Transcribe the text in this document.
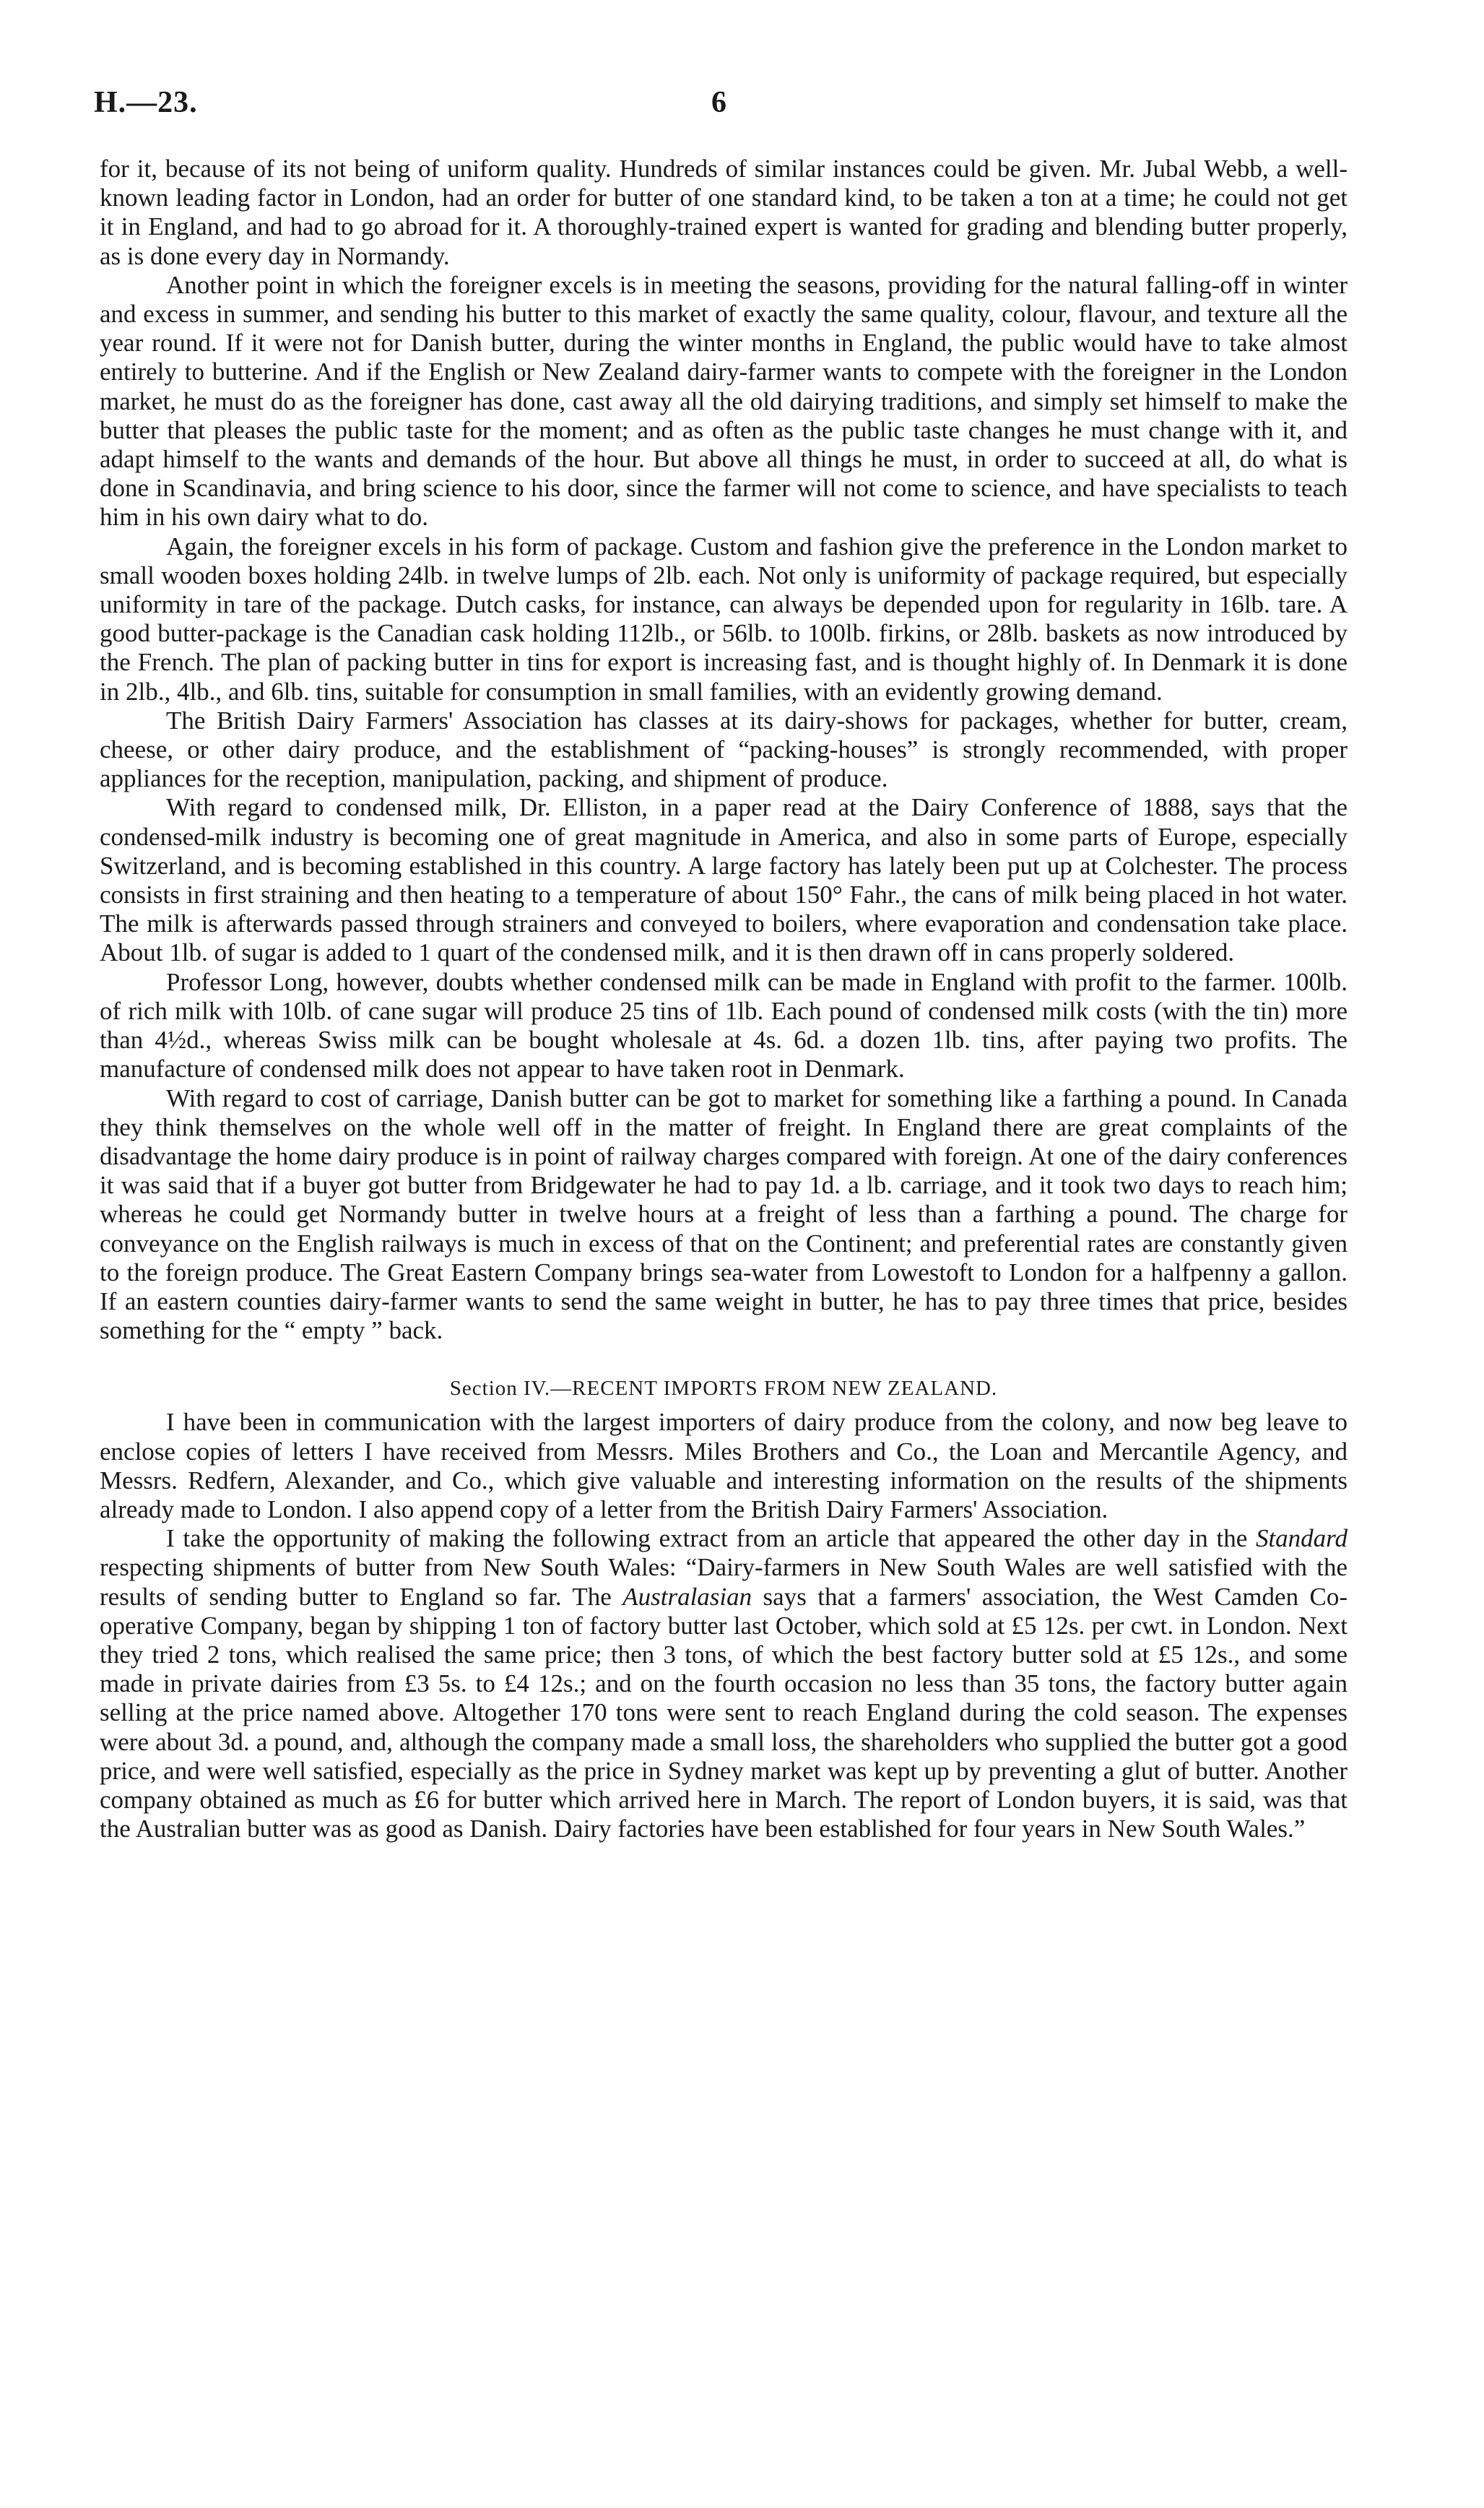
H.—23.	6

for it, because of its not being of uniform quality. Hundreds of similar instances could be given. Mr. Jubal Webb, a well-known leading factor in London, had an order for butter of one standard kind, to be taken a ton at a time; he could not get it in England, and had to go abroad for it. A thoroughly-trained expert is wanted for grading and blending butter properly, as is done every day in Normandy.

Another point in which the foreigner excels is in meeting the seasons, providing for the natural falling-off in winter and excess in summer, and sending his butter to this market of exactly the same quality, colour, flavour, and texture all the year round. If it were not for Danish butter, during the winter months in England, the public would have to take almost entirely to butterine. And if the English or New Zealand dairy-farmer wants to compete with the foreigner in the London market, he must do as the foreigner has done, cast away all the old dairying traditions, and simply set himself to make the butter that pleases the public taste for the moment; and as often as the public taste changes he must change with it, and adapt himself to the wants and demands of the hour. But above all things he must, in order to succeed at all, do what is done in Scandinavia, and bring science to his door, since the farmer will not come to science, and have specialists to teach him in his own dairy what to do.

Again, the foreigner excels in his form of package. Custom and fashion give the preference in the London market to small wooden boxes holding 24lb. in twelve lumps of 2lb. each. Not only is uniformity of package required, but especially uniformity in tare of the package. Dutch casks, for instance, can always be depended upon for regularity in 16lb. tare. A good butter-package is the Canadian cask holding 112lb., or 56lb. to 100lb. firkins, or 28lb. baskets as now introduced by the French. The plan of packing butter in tins for export is increasing fast, and is thought highly of. In Denmark it is done in 2lb., 4lb., and 6lb. tins, suitable for consumption in small families, with an evidently growing demand.

The British Dairy Farmers' Association has classes at its dairy-shows for packages, whether for butter, cream, cheese, or other dairy produce, and the establishment of “packing-houses” is strongly recommended, with proper appliances for the reception, manipulation, packing, and shipment of produce.

With regard to condensed milk, Dr. Elliston, in a paper read at the Dairy Conference of 1888, says that the condensed-milk industry is becoming one of great magnitude in America, and also in some parts of Europe, especially Switzerland, and is becoming established in this country. A large factory has lately been put up at Colchester. The process consists in first straining and then heating to a temperature of about 150° Fahr., the cans of milk being placed in hot water. The milk is afterwards passed through strainers and conveyed to boilers, where evaporation and condensation take place. About 1lb. of sugar is added to 1 quart of the condensed milk, and it is then drawn off in cans properly soldered.

Professor Long, however, doubts whether condensed milk can be made in England with profit to the farmer. 100lb. of rich milk with 10lb. of cane sugar will produce 25 tins of 1lb. Each pound of condensed milk costs (with the tin) more than 4½d., whereas Swiss milk can be bought wholesale at 4s. 6d. a dozen 1lb. tins, after paying two profits. The manufacture of condensed milk does not appear to have taken root in Denmark.

With regard to cost of carriage, Danish butter can be got to market for something like a farthing a pound. In Canada they think themselves on the whole well off in the matter of freight. In England there are great complaints of the disadvantage the home dairy produce is in point of railway charges compared with foreign. At one of the dairy conferences it was said that if a buyer got butter from Bridgewater he had to pay 1d. a lb. carriage, and it took two days to reach him; whereas he could get Normandy butter in twelve hours at a freight of less than a farthing a pound. The charge for conveyance on the English railways is much in excess of that on the Continent; and preferential rates are constantly given to the foreign produce. The Great Eastern Company brings sea-water from Lowestoft to London for a halfpenny a gallon. If an eastern counties dairy-farmer wants to send the same weight in butter, he has to pay three times that price, besides something for the “ empty ” back.

Section IV.—RECENT IMPORTS FROM NEW ZEALAND.

I have been in communication with the largest importers of dairy produce from the colony, and now beg leave to enclose copies of letters I have received from Messrs. Miles Brothers and Co., the Loan and Mercantile Agency, and Messrs. Redfern, Alexander, and Co., which give valuable and interesting information on the results of the shipments already made to London. I also append copy of a letter from the British Dairy Farmers' Association.

I take the opportunity of making the following extract from an article that appeared the other day in the Standard respecting shipments of butter from New South Wales: “Dairy-farmers in New South Wales are well satisfied with the results of sending butter to England so far. The Australasian says that a farmers' association, the West Camden Co-operative Company, began by shipping 1 ton of factory butter last October, which sold at £5 12s. per cwt. in London. Next they tried 2 tons, which realised the same price; then 3 tons, of which the best factory butter sold at £5 12s., and some made in private dairies from £3 5s. to £4 12s.; and on the fourth occasion no less than 35 tons, the factory butter again selling at the price named above. Altogether 170 tons were sent to reach England during the cold season. The expenses were about 3d. a pound, and, although the company made a small loss, the shareholders who supplied the butter got a good price, and were well satisfied, especially as the price in Sydney market was kept up by preventing a glut of butter. Another company obtained as much as £6 for butter which arrived here in March. The report of London buyers, it is said, was that the Australian butter was as good as Danish. Dairy factories have been established for four years in New South Wales.”
